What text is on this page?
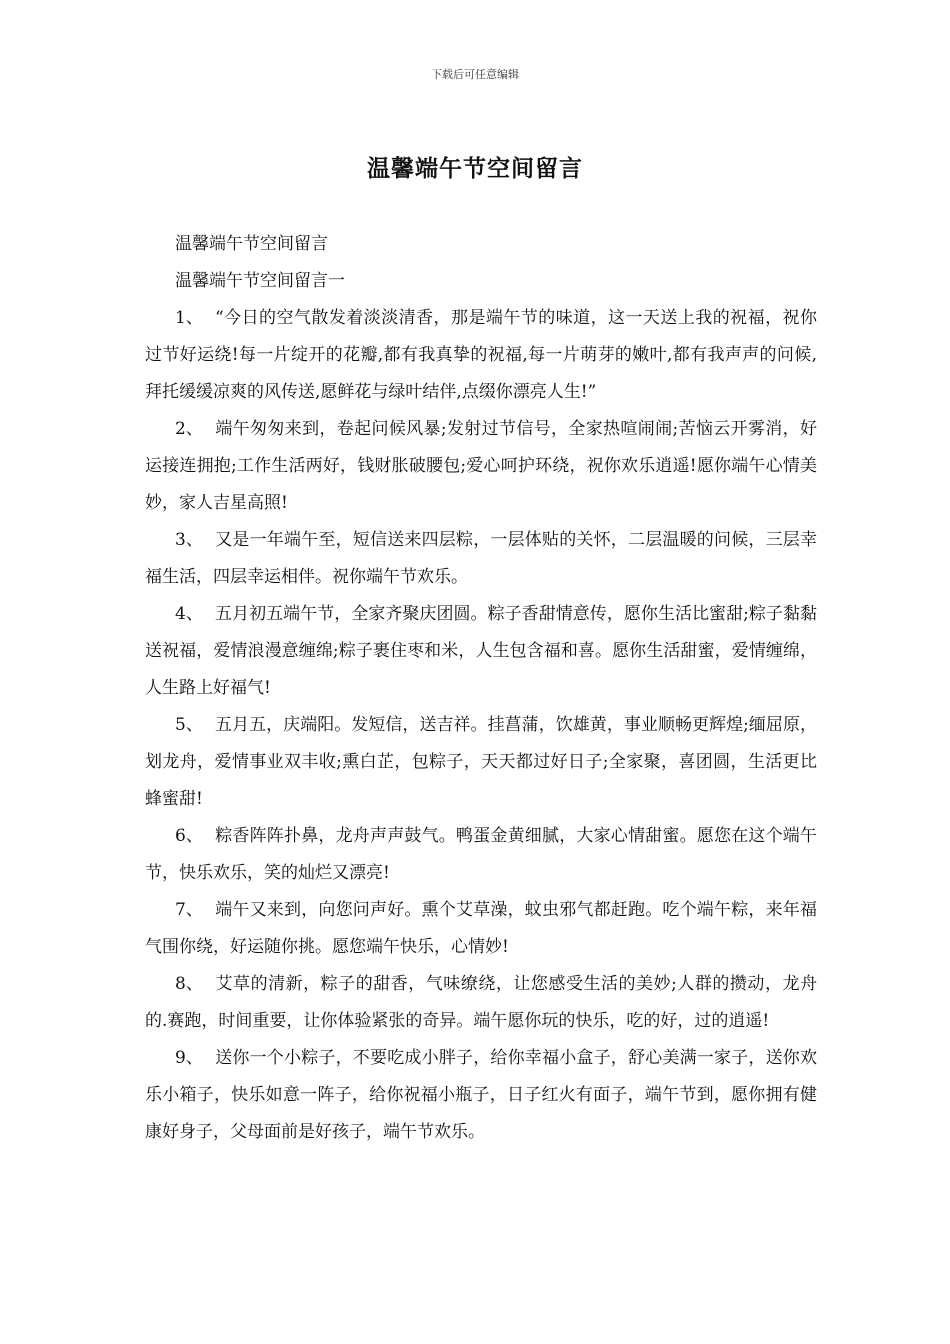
下载后可任意编辑
温馨端午节空间留言

温馨端午节空间留言

温馨端午节空间留言一

1、 “今日的空气散发着淡淡清香，那是端午节的味道，这一天送上我的祝福，祝你过节好运绕!每一片绽开的花瓣,都有我真挚的祝福,每一片萌芽的嫩叶,都有我声声的问候,拜托缓缓凉爽的风传送,愿鲜花与绿叶结伴,点缀你漂亮人生!”

2、 端午匆匆来到，卷起问候风暴;发射过节信号，全家热喧闹闹;苦恼云开雾消，好运接连拥抱;工作生活两好，钱财胀破腰包;爱心呵护环绕，祝你欢乐逍遥!愿你端午心情美妙，家人吉星高照!

3、 又是一年端午至，短信送来四层粽，一层体贴的关怀，二层温暖的问候，三层幸福生活，四层幸运相伴。祝你端午节欢乐。

4、 五月初五端午节，全家齐聚庆团圆。粽子香甜情意传，愿你生活比蜜甜;粽子黏黏送祝福，爱情浪漫意缠绵;粽子裹住枣和米，人生包含福和喜。愿你生活甜蜜，爱情缠绵，人生路上好福气!

5、 五月五，庆端阳。发短信，送吉祥。挂菖蒲，饮雄黄，事业顺畅更辉煌;缅屈原，划龙舟，爱情事业双丰收;熏白芷，包粽子，天天都过好日子;全家聚，喜团圆，生活更比蜂蜜甜!

6、 粽香阵阵扑鼻，龙舟声声鼓气。鸭蛋金黄细腻，大家心情甜蜜。愿您在这个端午节，快乐欢乐，笑的灿烂又漂亮!

7、 端午又来到，向您问声好。熏个艾草澡，蚊虫邪气都赶跑。吃个端午粽，来年福气围你绕，好运随你挑。愿您端午快乐，心情妙!

8、 艾草的清新，粽子的甜香，气味缭绕，让您感受生活的美妙;人群的攒动，龙舟的.赛跑，时间重要，让你体验紧张的奇异。端午愿你玩的快乐，吃的好，过的逍遥!

9、 送你一个小粽子，不要吃成小胖子，给你幸福小盒子，舒心美满一家子，送你欢乐小箱子，快乐如意一阵子，给你祝福小瓶子，日子红火有面子，端午节到，愿你拥有健康好身子，父母面前是好孩子，端午节欢乐。
